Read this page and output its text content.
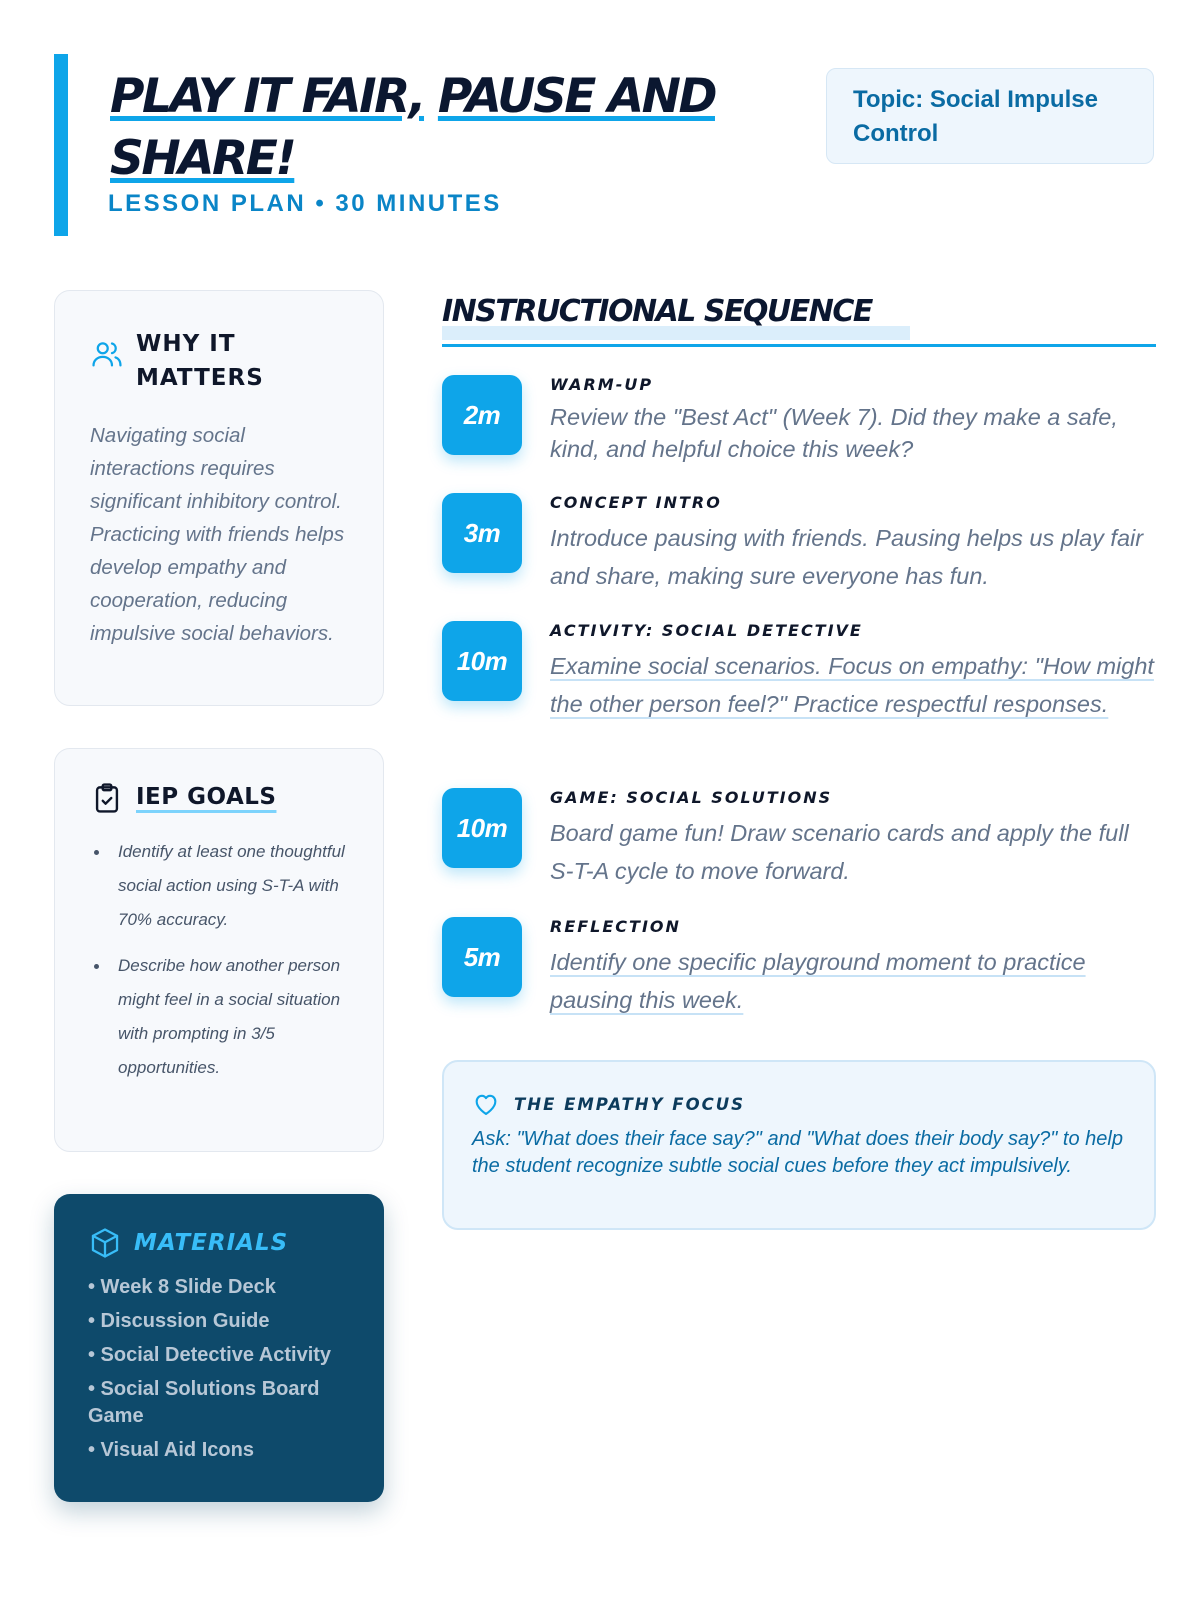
PLAY IT FAIR, PAUSE AND SHARE!
LESSON PLAN • 30 MINUTES
Topic: Social Impulse Control
WHY IT MATTERS

Navigating social interactions requires significant inhibitory control. Practicing with friends helps develop empathy and cooperation, reducing impulsive social behaviors.

IEP GOALS
Identify at least one thoughtful social action using S-T-A with 70% accuracy.
Describe how another person might feel in a social situation with prompting in 3/5 opportunities.
MATERIALS
• Week 8 Slide Deck
• Discussion Guide
• Social Detective Activity
• Social Solutions Board Game
• Visual Aid Icons
INSTRUCTIONAL SEQUENCE
2m
WARM-UP
Review the "Best Act" (Week 7). Did they make a safe, kind, and helpful choice this week?
3m
CONCEPT INTRO
Introduce pausing with friends. Pausing helps us play fair and share, making sure everyone has fun.
10m
ACTIVITY: SOCIAL DETECTIVE
Examine social scenarios. Focus on empathy: "How might the other person feel?" Practice respectful responses.
10m
GAME: SOCIAL SOLUTIONS
Board game fun! Draw scenario cards and apply the full S-T-A cycle to move forward.
5m
REFLECTION
Identify one specific playground moment to practice pausing this week.
THE EMPATHY FOCUS

Ask: "What does their face say?" and "What does their body say?" to help the student recognize subtle social cues before they act impulsively.
